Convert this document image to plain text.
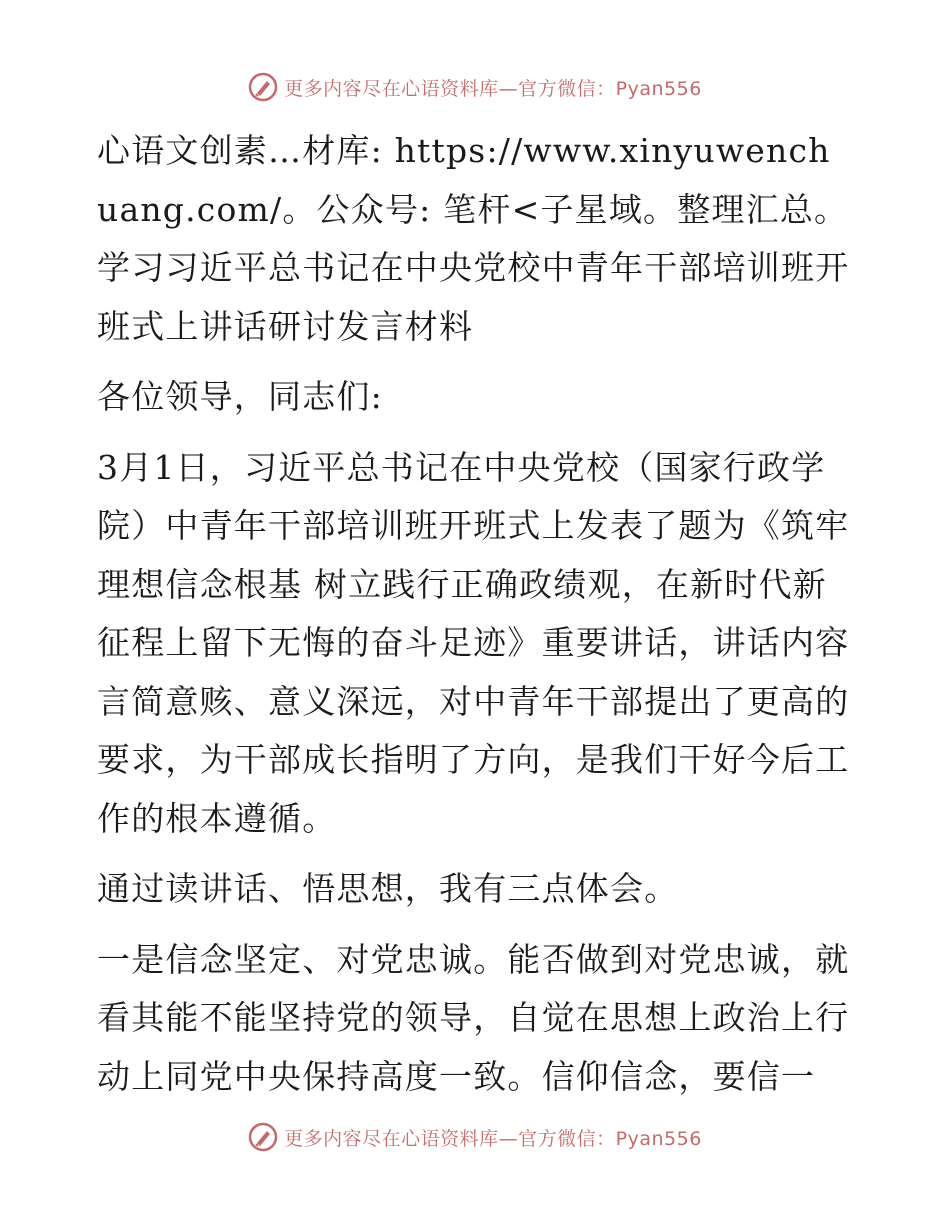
更多内容尽在心语资料库—官方微信：Pyan556

心语文创素…材库: https://www.xinyuwenchuang.com/。公众号: 笔杆<子星域。整理汇总。学习习近平总书记在中央党校中青年干部培训班开班式上讲话研讨发言材料

各位领导，同志们:

3月1日，习近平总书记在中央党校（国家行政学院）中青年干部培训班开班式上发表了题为《筑牢理想信念根基 树立践行正确政绩观，在新时代新征程上留下无悔的奋斗足迹》重要讲话，讲话内容言简意赅、意义深远，对中青年干部提出了更高的要求，为干部成长指明了方向，是我们干好今后工作的根本遵循。

通过读讲话、悟思想，我有三点体会。

一是信念坚定、对党忠诚。能否做到对党忠诚，就看其能不能坚持党的领导，自觉在思想上政治上行动上同党中央保持高度一致。信仰信念，要信一

更多内容尽在心语资料库—官方微信：Pyan556
